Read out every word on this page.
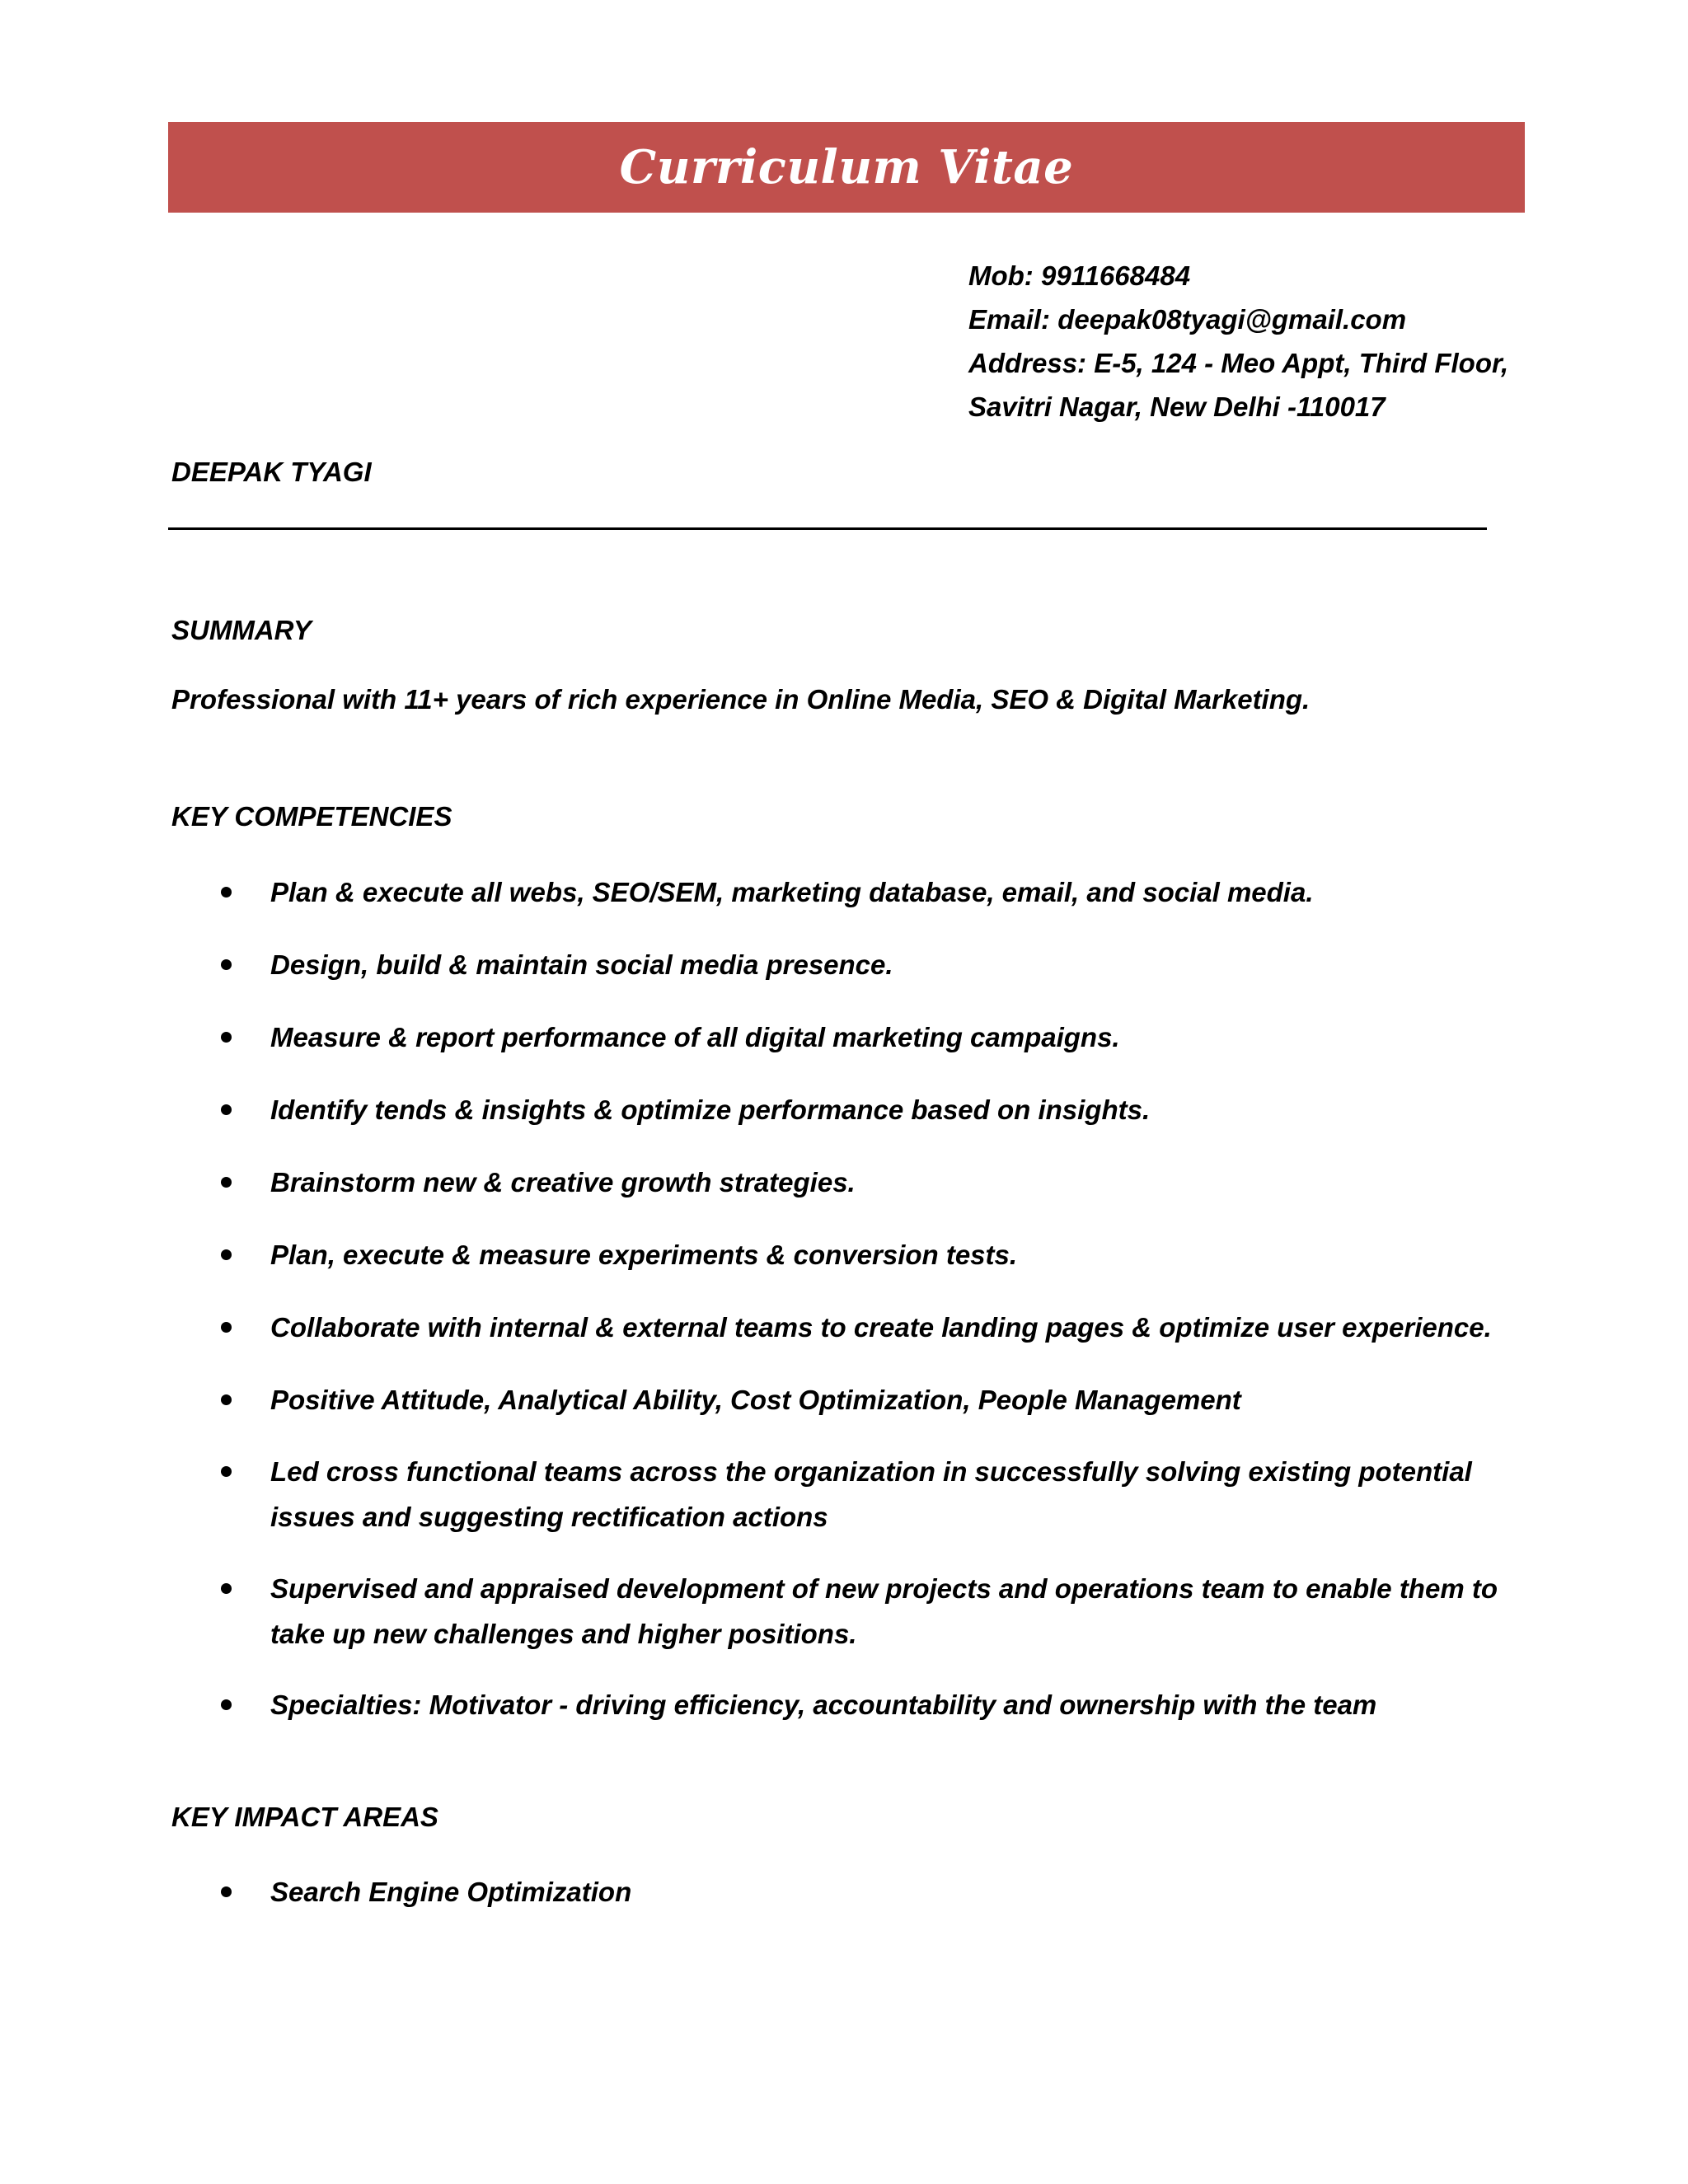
Curriculum Vitae
Mob: 9911668484
Email: deepak08tyagi@gmail.com
Address: E-5, 124 - Meo Appt, Third Floor,
Savitri Nagar, New Delhi -110017
DEEPAK TYAGI
SUMMARY
Professional with 11+ years of rich experience in Online Media, SEO & Digital Marketing.
KEY COMPETENCIES
Plan & execute all webs, SEO/SEM, marketing database, email, and social media.
Design, build & maintain social media presence.
Measure & report performance of all digital marketing campaigns.
Identify tends & insights & optimize performance based on insights.
Brainstorm new & creative growth strategies.
Plan, execute & measure experiments & conversion tests.
Collaborate with internal & external teams to create landing pages & optimize user experience.
Positive Attitude, Analytical Ability, Cost Optimization, People Management
Led cross functional teams across the organization in successfully solving existing potential issues and suggesting rectification actions
Supervised and appraised development of new projects and operations team to enable them to take up new challenges and higher positions.
Specialties: Motivator - driving efficiency, accountability and ownership with the team
KEY IMPACT AREAS
Search Engine Optimization
